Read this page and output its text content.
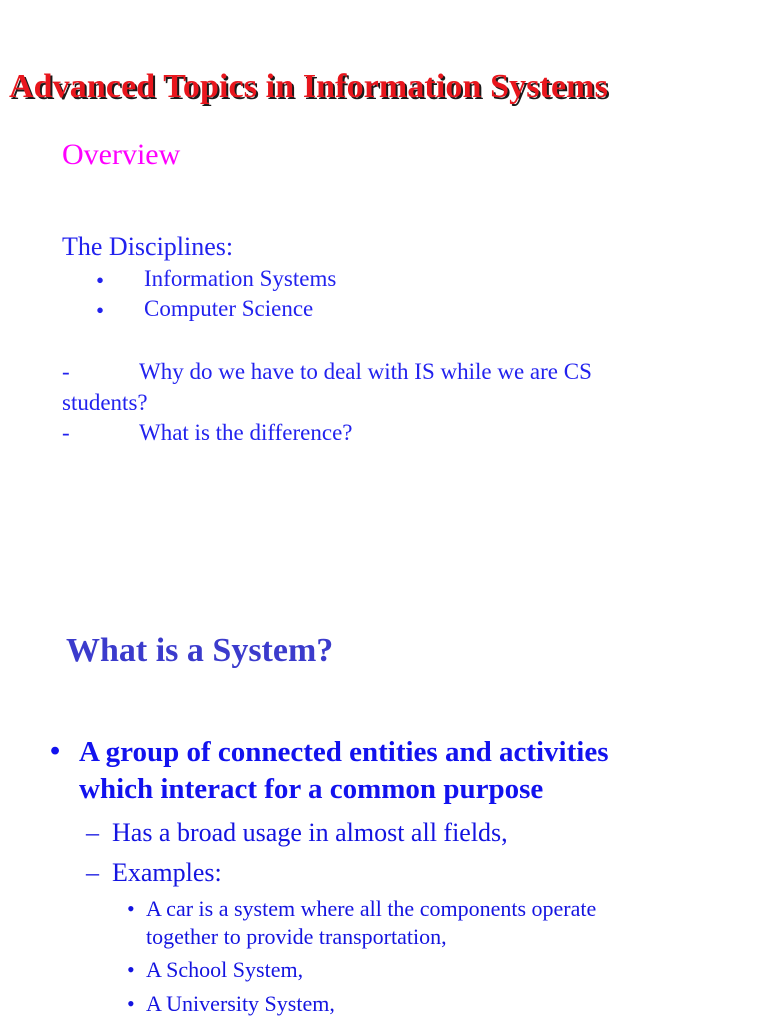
Advanced Topics in Information Systems
Overview
The Disciplines:
• Information Systems
• Computer Science
-	Why do we have to deal with IS while we are CS
students?
-	What is the difference?
What is a System?
• A group of connected entities and activities
which interact for a common purpose
– Has a broad usage in almost all fields,
– Examples:
• A car is a system where all the components operate
together to provide transportation,
• A School System,
• A University System,
